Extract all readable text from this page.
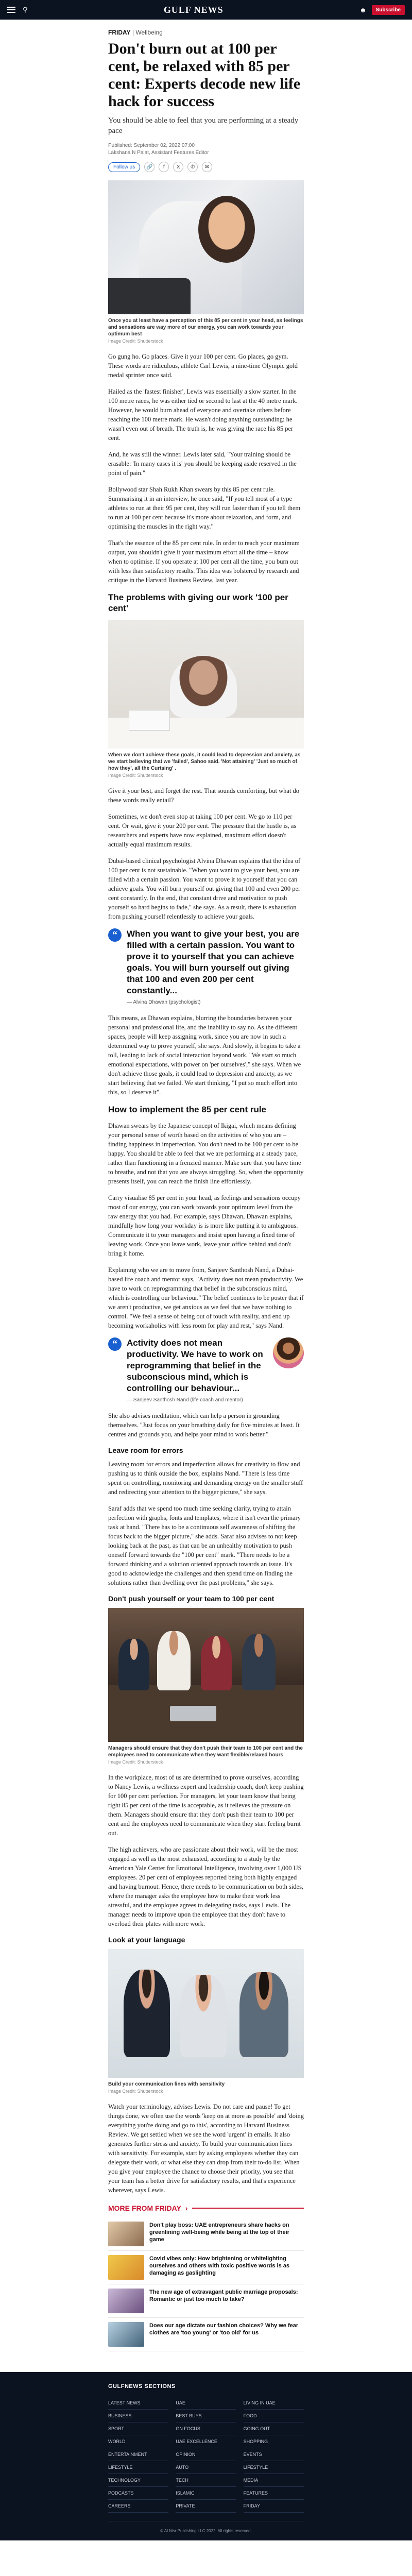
⚲	GULF NEWS	☻	Subscribe
FRIDAY | Wellbeing
Don't burn out at 100 per cent, be relaxed with 85 per cent: Experts decode new life hack for success

You should be able to feel that you are performing at a steady pace

Published: September 02, 2022 07:00
Lakshana N Palat, Assistant Features Editor
Follow us	🔗	f	X	✆	✉
Once you at least have a perception of this 85 per cent in your head, as feelings and sensations are way more of our energy, you can work towards your optimum best
Image Credit: Shutterstock

Go gung ho. Go places. Give it your 100 per cent. Go places, go gym. These words are ridiculous, athlete Carl Lewis, a nine-time Olympic gold medal sprinter once said.

Hailed as the 'fastest finisher', Lewis was essentially a slow starter. In the 100 metre races, he was either tied or second to last at the 40 metre mark. However, he would burn ahead of everyone and overtake others before reaching the 100 metre mark. He wasn't doing anything outstanding: he wasn't even out of breath. The truth is, he was giving the race his 85 per cent.

And, he was still the winner. Lewis later said, "Your training should be erasable: 'In many cases it is' you should be keeping aside reserved in the point of pain."

Bollywood star Shah Rukh Khan swears by this 85 per cent rule. Summarising it in an interview, he once said, "If you tell most of a type athletes to run at their 95 per cent, they will run faster than if you tell them to run at 100 per cent because it's more about relaxation, and form, and optimising the muscles in the right way."

That's the essence of the 85 per cent rule. In order to reach your maximum output, you shouldn't give it your maximum effort all the time – know when to optimise. If you operate at 100 per cent all the time, you burn out with less than satisfactory results. This idea was bolstered by research and critique in the Harvard Business Review, last year.

The problems with giving our work '100 per cent'
When we don't achieve these goals, it could lead to depression and anxiety, as we start believing that we 'failed', Sahoo said. 'Not attaining' 'Just so much of how they', all the Curtsing' .
Image Credit: Shutterstock

Give it your best, and forget the rest. That sounds comforting, but what do these words really entail?

Sometimes, we don't even stop at taking 100 per cent. We go to 110 per cent. Or wait, give it your 200 per cent. The pressure that the hustle is, as researchers and experts have now explained, maximum effort doesn't actually equal maximum results.

Dubai-based clinical psychologist Alvina Dhawan explains that the idea of 100 per cent is not sustainable. "When you want to give your best, you are filled with a certain passion. You want to prove it to yourself that you can achieve goals. You will burn yourself out giving that 100 and even 200 per cent constantly. In the end, that constant drive and motivation to push yourself so hard begins to fade," she says. As a result, there is exhaustion from pushing yourself relentlessly to achieve your goals.

“	When you want to give your best, you are filled with a certain passion. You want to prove it to yourself that you can achieve goals. You will burn yourself out giving that 100 and even 200 per cent constantly...
— Alvina Dhawan (psychologist)

This means, as Dhawan explains, blurring the boundaries between your personal and professional life, and the inability to say no. As the different spaces, people will keep assigning work, since you are now in such a determined way to prove yourself, she says. And slowly, it begins to take a toll, leading to lack of social interaction beyond work. "We start so much emotional expectations, with power on 'per ourselves'," she says. When we don't achieve those goals, it could lead to depression and anxiety, as we start believing that we failed. We start thinking, "I put so much effort into this, so I deserve it".

How to implement the 85 per cent rule

Dhawan swears by the Japanese concept of Ikigai, which means defining your personal sense of worth based on the activities of who you are – finding happiness in imperfection. You don't need to be 100 per cent to be happy. You should be able to feel that we are performing at a steady pace, rather than functioning in a frenzied manner. Make sure that you have time to breathe, and not that you are always struggling. So, when the opportunity presents itself, you can reach the finish line effortlessly.

Carry visualise 85 per cent in your head, as feelings and sensations occupy most of our energy, you can work towards your optimum level from the raw energy that you had. For example, says Dhawan, Dhawan explains, mindfully how long your workday is is more like putting it to ambiguous. Communicate it to your managers and insist upon having a fixed time of leaving work. Once you leave work, leave your office behind and don't bring it home.

Explaining who we are to move from, Sanjeev Santhosh Nand, a Dubai-based life coach and mentor says, "Activity does not mean productivity. We have to work on reprogramming that belief in the subconscious mind, which is controlling our behaviour." The belief continues to be poster that if we aren't productive, we get anxious as we feel that we have nothing to control. "We feel a sense of being out of touch with reality, and end up becoming workaholics with less room for play and rest," says Nand.

“	Activity does not mean productivity. We have to work on reprogramming that belief in the subconscious mind, which is controlling our behaviour...
— Sanjeev Santhosh Nand (life coach and mentor)

She also advises meditation, which can help a person in grounding themselves. "Just focus on your breathing daily for five minutes at least. It centres and grounds you, and helps your mind to work better."

Leave room for errors

Leaving room for errors and imperfection allows for creativity to flow and pushing us to think outside the box, explains Nand. "There is less time spent on controlling, monitoring and demanding energy on the smaller stuff and redirecting your attention to the bigger picture," she says.

Saraf adds that we spend too much time seeking clarity, trying to attain perfection with graphs, fonts and templates, where it isn't even the primary task at hand. "There has to be a continuous self awareness of shifting the focus back to the bigger picture," she adds. Saraf also advises to not keep looking back at the past, as that can be an unhealthy motivation to push oneself forward towards the "100 per cent" mark. "There needs to be a forward thinking and a solution oriented approach towards an issue. It's good to acknowledge the challenges and then spend time on finding the solutions rather than dwelling over the past problems," she says.

Don't push yourself or your team to 100 per cent
Managers should ensure that they don't push their team to 100 per cent and the employees need to communicate when they want flexible/relaxed hours
Image Credit: Shutterstock

In the workplace, most of us are determined to prove ourselves, according to Nancy Lewis, a wellness expert and leadership coach, don't keep pushing for 100 per cent perfection. For managers, let your team know that being right 85 per cent of the time is acceptable, as it relieves the pressure on them. Managers should ensure that they don't push their team to 100 per cent and the employees need to communicate when they start feeling burnt out.

The high achievers, who are passionate about their work, will be the most engaged as well as the most exhausted, according to a study by the American Yale Center for Emotional Intelligence, involving over 1,000 US employees. 20 per cent of employees reported being both highly engaged and having burnout. Hence, there needs to be communication on both sides, where the manager asks the employee how to make their work less stressful, and the employee agrees to delegating tasks, says Lewis. The manager needs to improve upon the employee that they don't have to overload their plates with more work.

Look at your language
Build your communication lines with sensitivity
Image Credit: Shutterstock

Watch your terminology, advises Lewis. Do not care and pause! To get things done, we often use the words 'keep on at more as possible' and 'doing everything you're doing and go to this', according to Harvard Business Review. We get settled when we see the word 'urgent' in emails. It also generates further stress and anxiety. To build your communication lines with sensitivity. For example, start by asking employees whether they can delegate their work, or what else they can drop from their to-do list. When you give your employee the chance to choose their priority, you see that your team has a better drive for satisfactory results, and that's experience wherever, says Lewis.

MORE FROM FRIDAY ›
Don't play boss: UAE entrepreneurs share hacks on greenlining well-being while being at the top of their game
Covid vibes only: How brightening or whitelighting ourselves and others with toxic positive words is as damaging as gaslighting
The new age of extravagant public marriage proposals: Romantic or just too much to take?
Does our age dictate our fashion choices? Why we fear clothes are 'too young' or 'too old' for us
GULFNEWS SECTIONS
LATEST NEWS	UAE	LIVING IN UAE
BUSINESS	BEST BUYS	FOOD
SPORT	GN FOCUS	GOING OUT
WORLD	UAE EXCELLENCE	SHOPPING
ENTERTAINMENT	OPINION	EVENTS
LIFESTYLE	AUTO	LIFESTYLE
TECHNOLOGY	TECH	MEDIA
PODCASTS	ISLAMIC	FEATURES
CAREERS	PRIVATE	FRIDAY
© Al Nisr Publishing LLC 2022. All rights reserved.
